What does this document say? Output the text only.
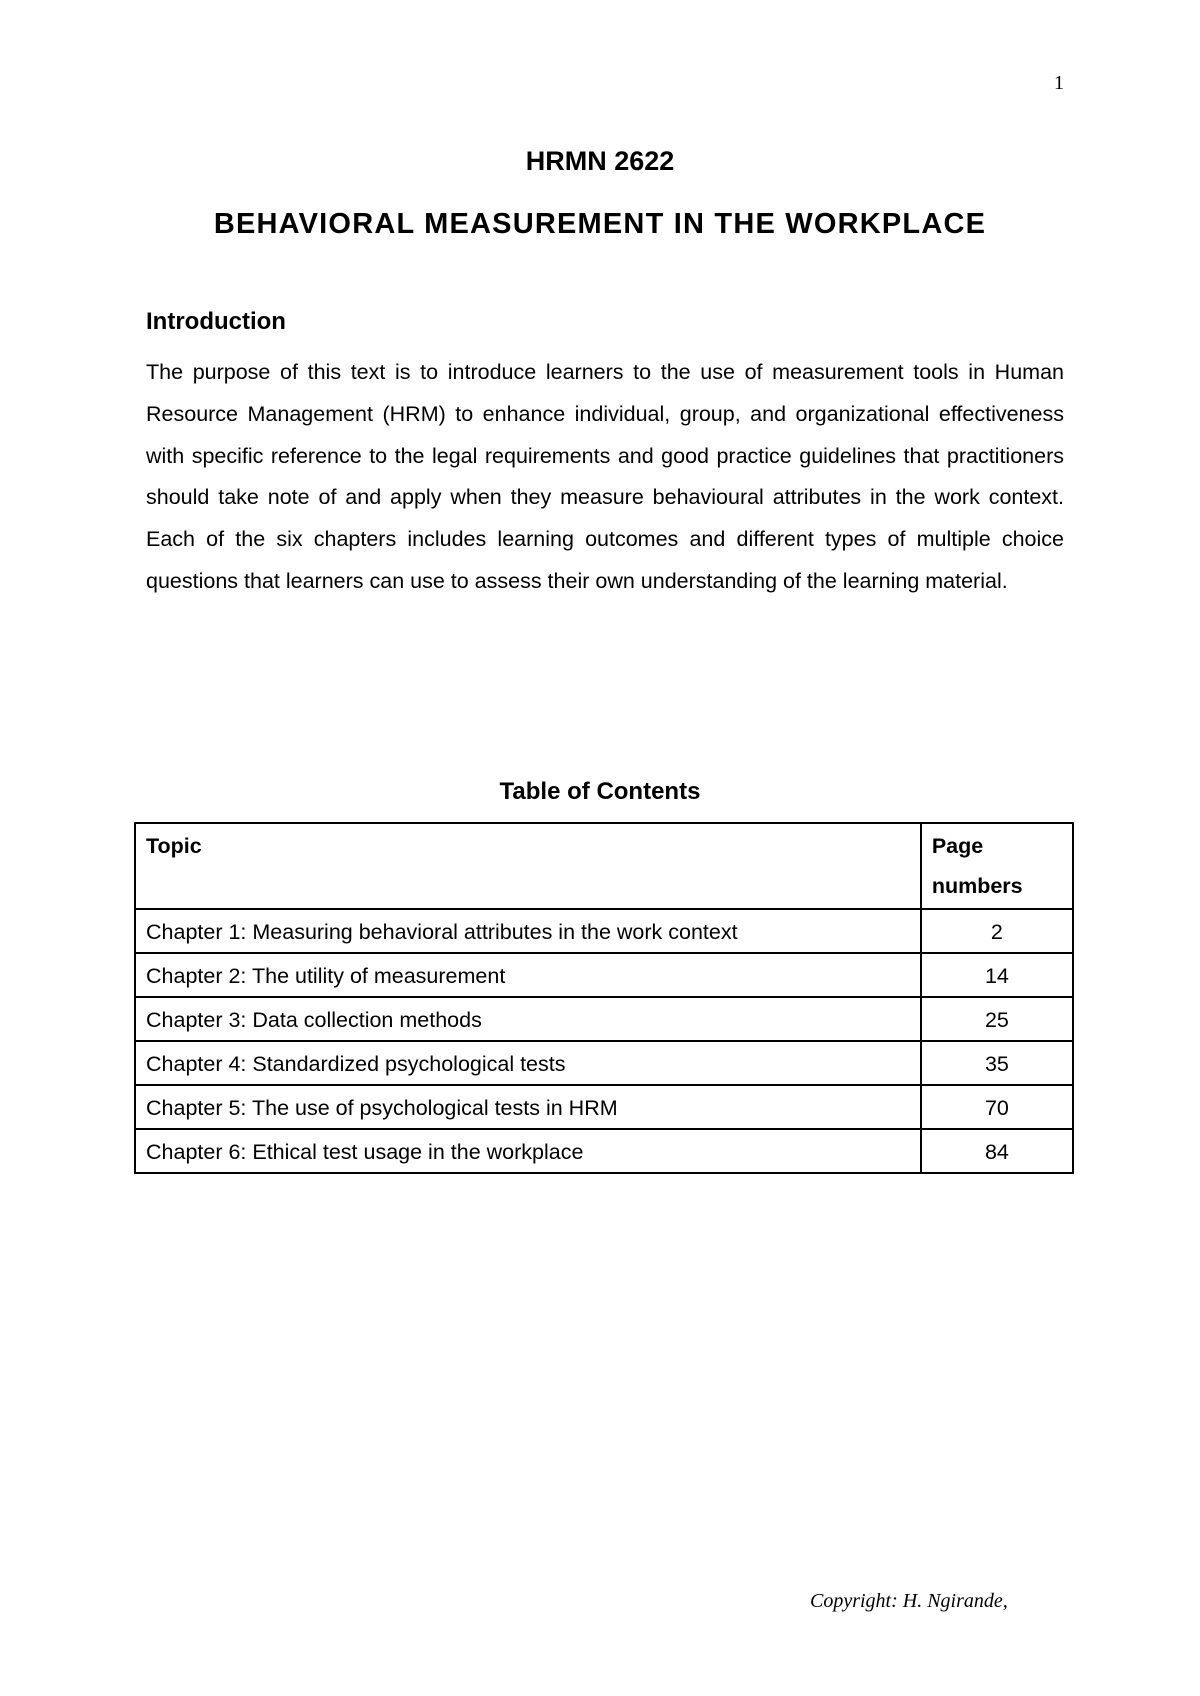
1
HRMN 2622
BEHAVIORAL MEASUREMENT IN THE WORKPLACE
Introduction

The purpose of this text is to introduce learners to the use of measurement tools in Human Resource Management (HRM) to enhance individual, group, and organizational effectiveness with specific reference to the legal requirements and good practice guidelines that practitioners should take note of and apply when they measure behavioural attributes in the work context. Each of the six chapters includes learning outcomes and different types of multiple choice questions that learners can use to assess their own understanding of the learning material.

Table of Contents
Topic	Page
numbers
Chapter 1: Measuring behavioral attributes in the work context	2
Chapter 2: The utility of measurement	14
Chapter 3: Data collection methods	25
Chapter 4: Standardized psychological tests	35
Chapter 5: The use of psychological tests in HRM	70
Chapter 6: Ethical test usage in the workplace	84
Copyright: H. Ngirande,
